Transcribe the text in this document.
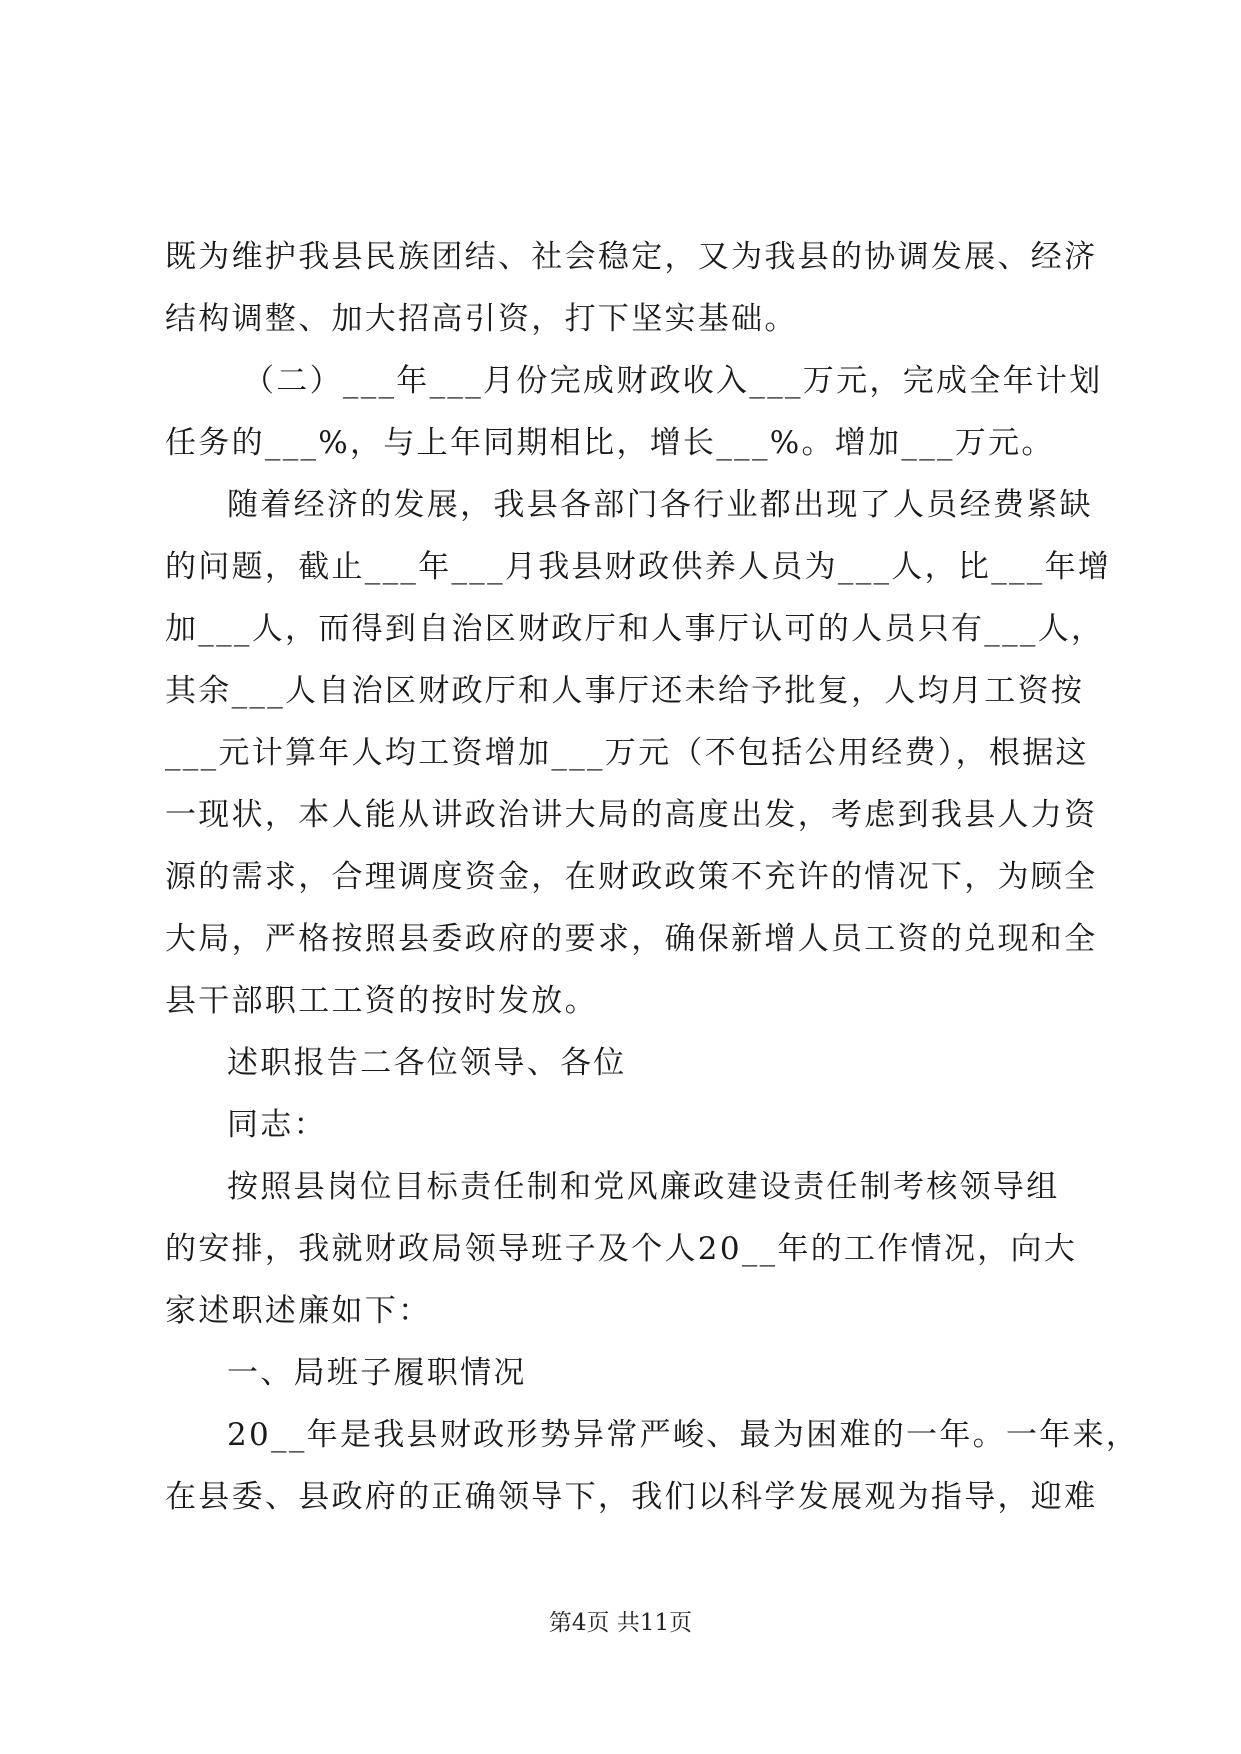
既为维护我县民族团结、社会稳定，又为我县的协调发展、经济
结构调整、加大招高引资，打下坚实基础。
（二）___年___月份完成财政收入___万元，完成全年计划
任务的___%，与上年同期相比，增长___%。增加___万元。
随着经济的发展，我县各部门各行业都出现了人员经费紧缺
的问题，截止___年___月我县财政供养人员为___人，比___年增
加___人，而得到自治区财政厅和人事厅认可的人员只有___人，
其余___人自治区财政厅和人事厅还未给予批复，人均月工资按
___元计算年人均工资增加___万元（不包括公用经费），根据这
一现状，本人能从讲政治讲大局的高度出发，考虑到我县人力资
源的需求，合理调度资金，在财政政策不充许的情况下，为顾全
大局，严格按照县委政府的要求，确保新增人员工资的兑现和全
县干部职工工资的按时发放。
述职报告二各位领导、各位
同志：
按照县岗位目标责任制和党风廉政建设责任制考核领导组
的安排，我就财政局领导班子及个人20__年的工作情况，向大
家述职述廉如下：
一、局班子履职情况
20__年是我县财政形势异常严峻、最为困难的一年。一年来，
在县委、县政府的正确领导下，我们以科学发展观为指导，迎难
第4页 共11页
